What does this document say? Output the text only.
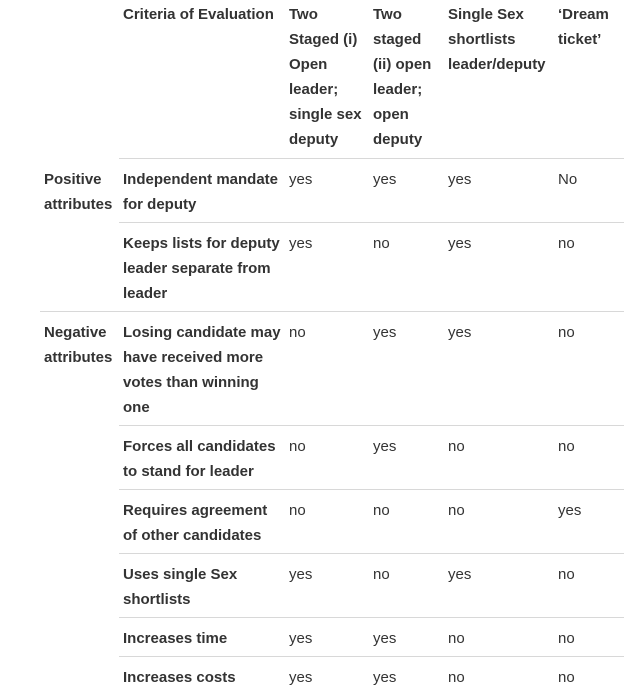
	Criteria of Evaluation	Two Staged (i) Open leader; single sex deputy	Two staged (ii) open leader; open deputy	Single Sex shortlists leader/deputy	‘Dream ticket’
Positive attributes	Independent mandate for deputy	yes	yes	yes	No
	Keeps lists for deputy leader separate from leader	yes	no	yes	no
Negative attributes	Losing candidate may have received more votes than winning one	no	yes	yes	no
	Forces all candidates to stand for leader	no	yes	no	no
	Requires agreement of other candidates	no	no	no	yes
	Uses single Sex shortlists	yes	no	yes	no
	Increases time	yes	yes	no	no
	Increases costs	yes	yes	no	no
